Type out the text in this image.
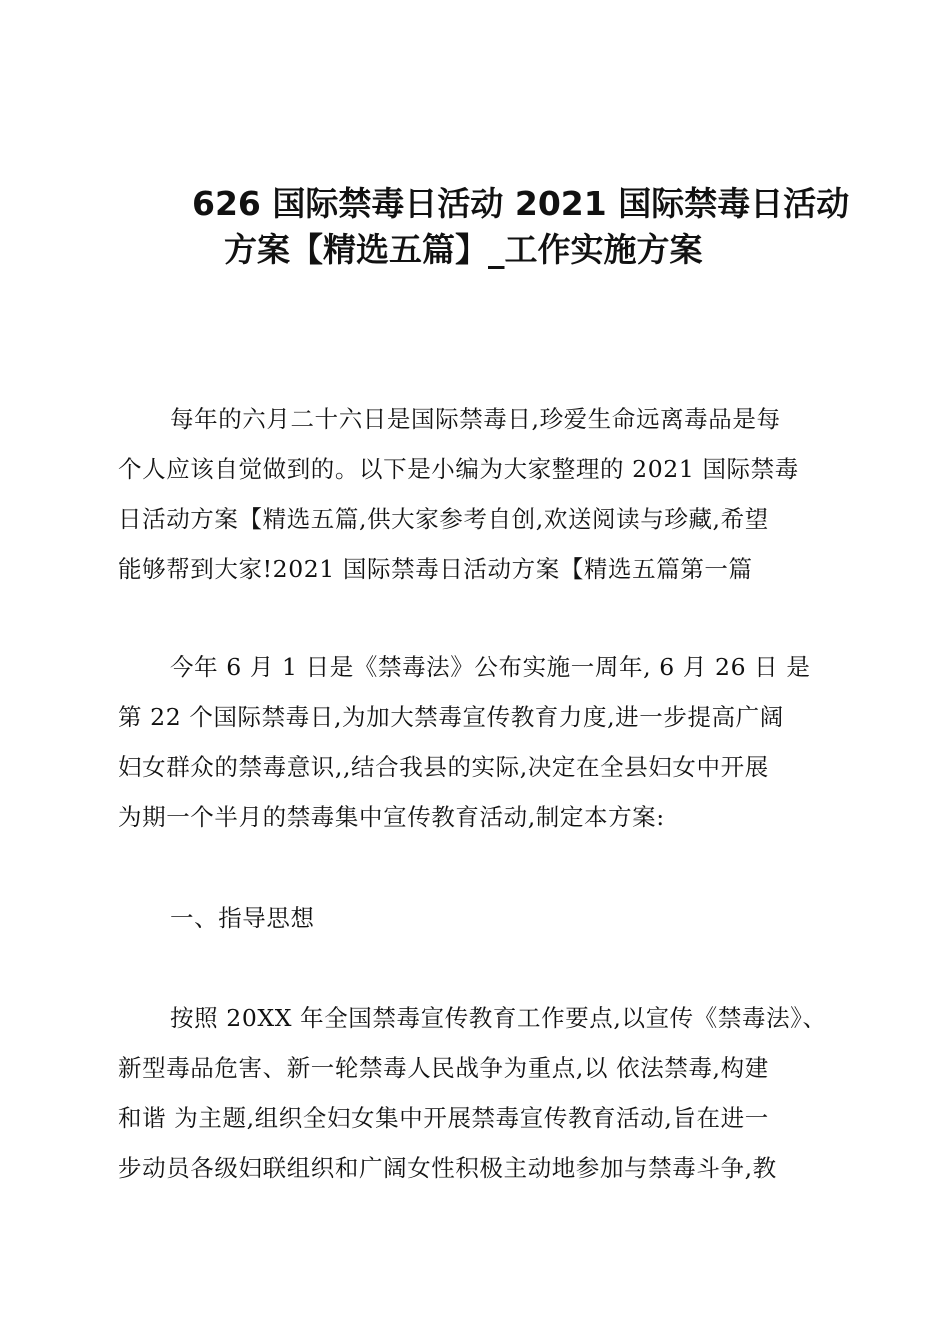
626 国际禁毒日活动 2021 国际禁毒日活动
方案【精选五篇】_工作实施方案
每年的六月二十六日是国际禁毒日,珍爱生命远离毒品是每
个人应该自觉做到的。以下是小编为大家整理的 2021 国际禁毒
日活动方案【精选五篇,供大家参考自创,欢送阅读与珍藏,希望
能够帮到大家!2021 国际禁毒日活动方案【精选五篇第一篇
今年 6 月 1 日是《禁毒法》公布实施一周年, 6 月 26 日 是
第 22 个国际禁毒日,为加大禁毒宣传教育力度,进一步提高广阔
妇女群众的禁毒意识,,结合我县的实际,决定在全县妇女中开展
为期一个半月的禁毒集中宣传教育活动,制定本方案:
一、指导思想
按照 20XX 年全国禁毒宣传教育工作要点,以宣传《禁毒法》、
新型毒品危害、新一轮禁毒人民战争为重点,以 依法禁毒,构建
和谐 为主题,组织全妇女集中开展禁毒宣传教育活动,旨在进一
步动员各级妇联组织和广阔女性积极主动地参加与禁毒斗争,教
